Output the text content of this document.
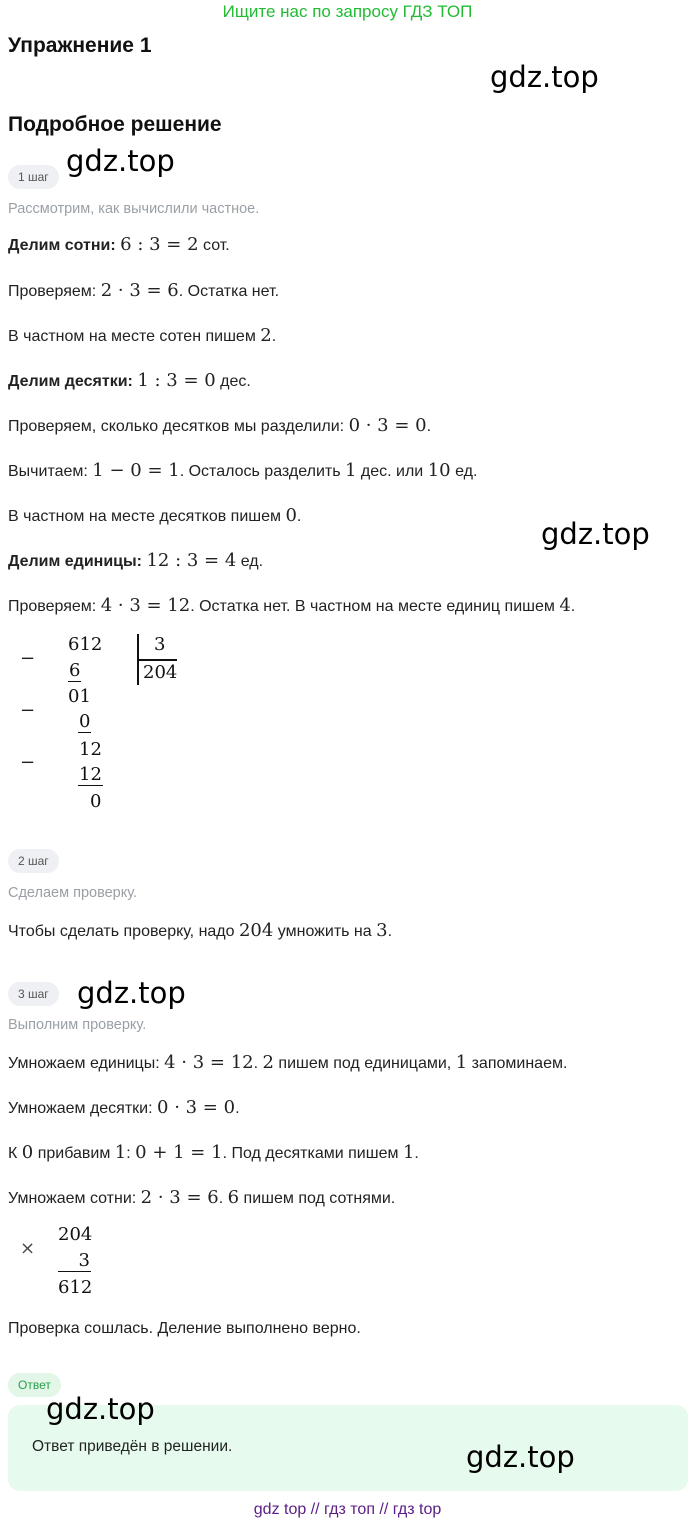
Ищите нас по запросу ГДЗ ТОП
Упражнение 1
gdz.top
Подробное решение
1 шаг gdz.top
Рассмотрим, как вычислили частное.
Делим сотни: 6 : 3 = 2 сот.
Проверяем: 2 · 3 = 6. Остатка нет.
В частном на месте сотен пишем 2.
Делим десятки: 1 : 3 = 0 дес.
Проверяем, сколько десятков мы разделили: 0 · 3 = 0.
Вычитаем: 1 − 0 = 1. Осталось разделить 1 дес. или 10 ед.
В частном на месте десятков пишем 0.
gdz.top
Делим единицы: 12 : 3 = 4 ед.
Проверяем: 4 · 3 = 12. Остатка нет. В частном на месте единиц пишем 4.
−
−
−
612
6
01
0
12
12
0
3
204
2 шаг
Сделаем проверку.
Чтобы сделать проверку, надо 204 умножить на 3.
3 шаг gdz.top
Выполним проверку.
Умножаем единицы: 4 · 3 = 12. 2 пишем под единицами, 1 запоминаем.
Умножаем десятки: 0 · 3 = 0.
К 0 прибавим 1: 0 + 1 = 1. Под десятками пишем 1.
Умножаем сотни: 2 · 3 = 6. 6 пишем под сотнями.
×
204
3
612
Проверка сошлась. Деление выполнено верно.
Ответ
gdz.top
Ответ приведён в решении.	gdz.top
gdz top // гдз топ // гдз top
